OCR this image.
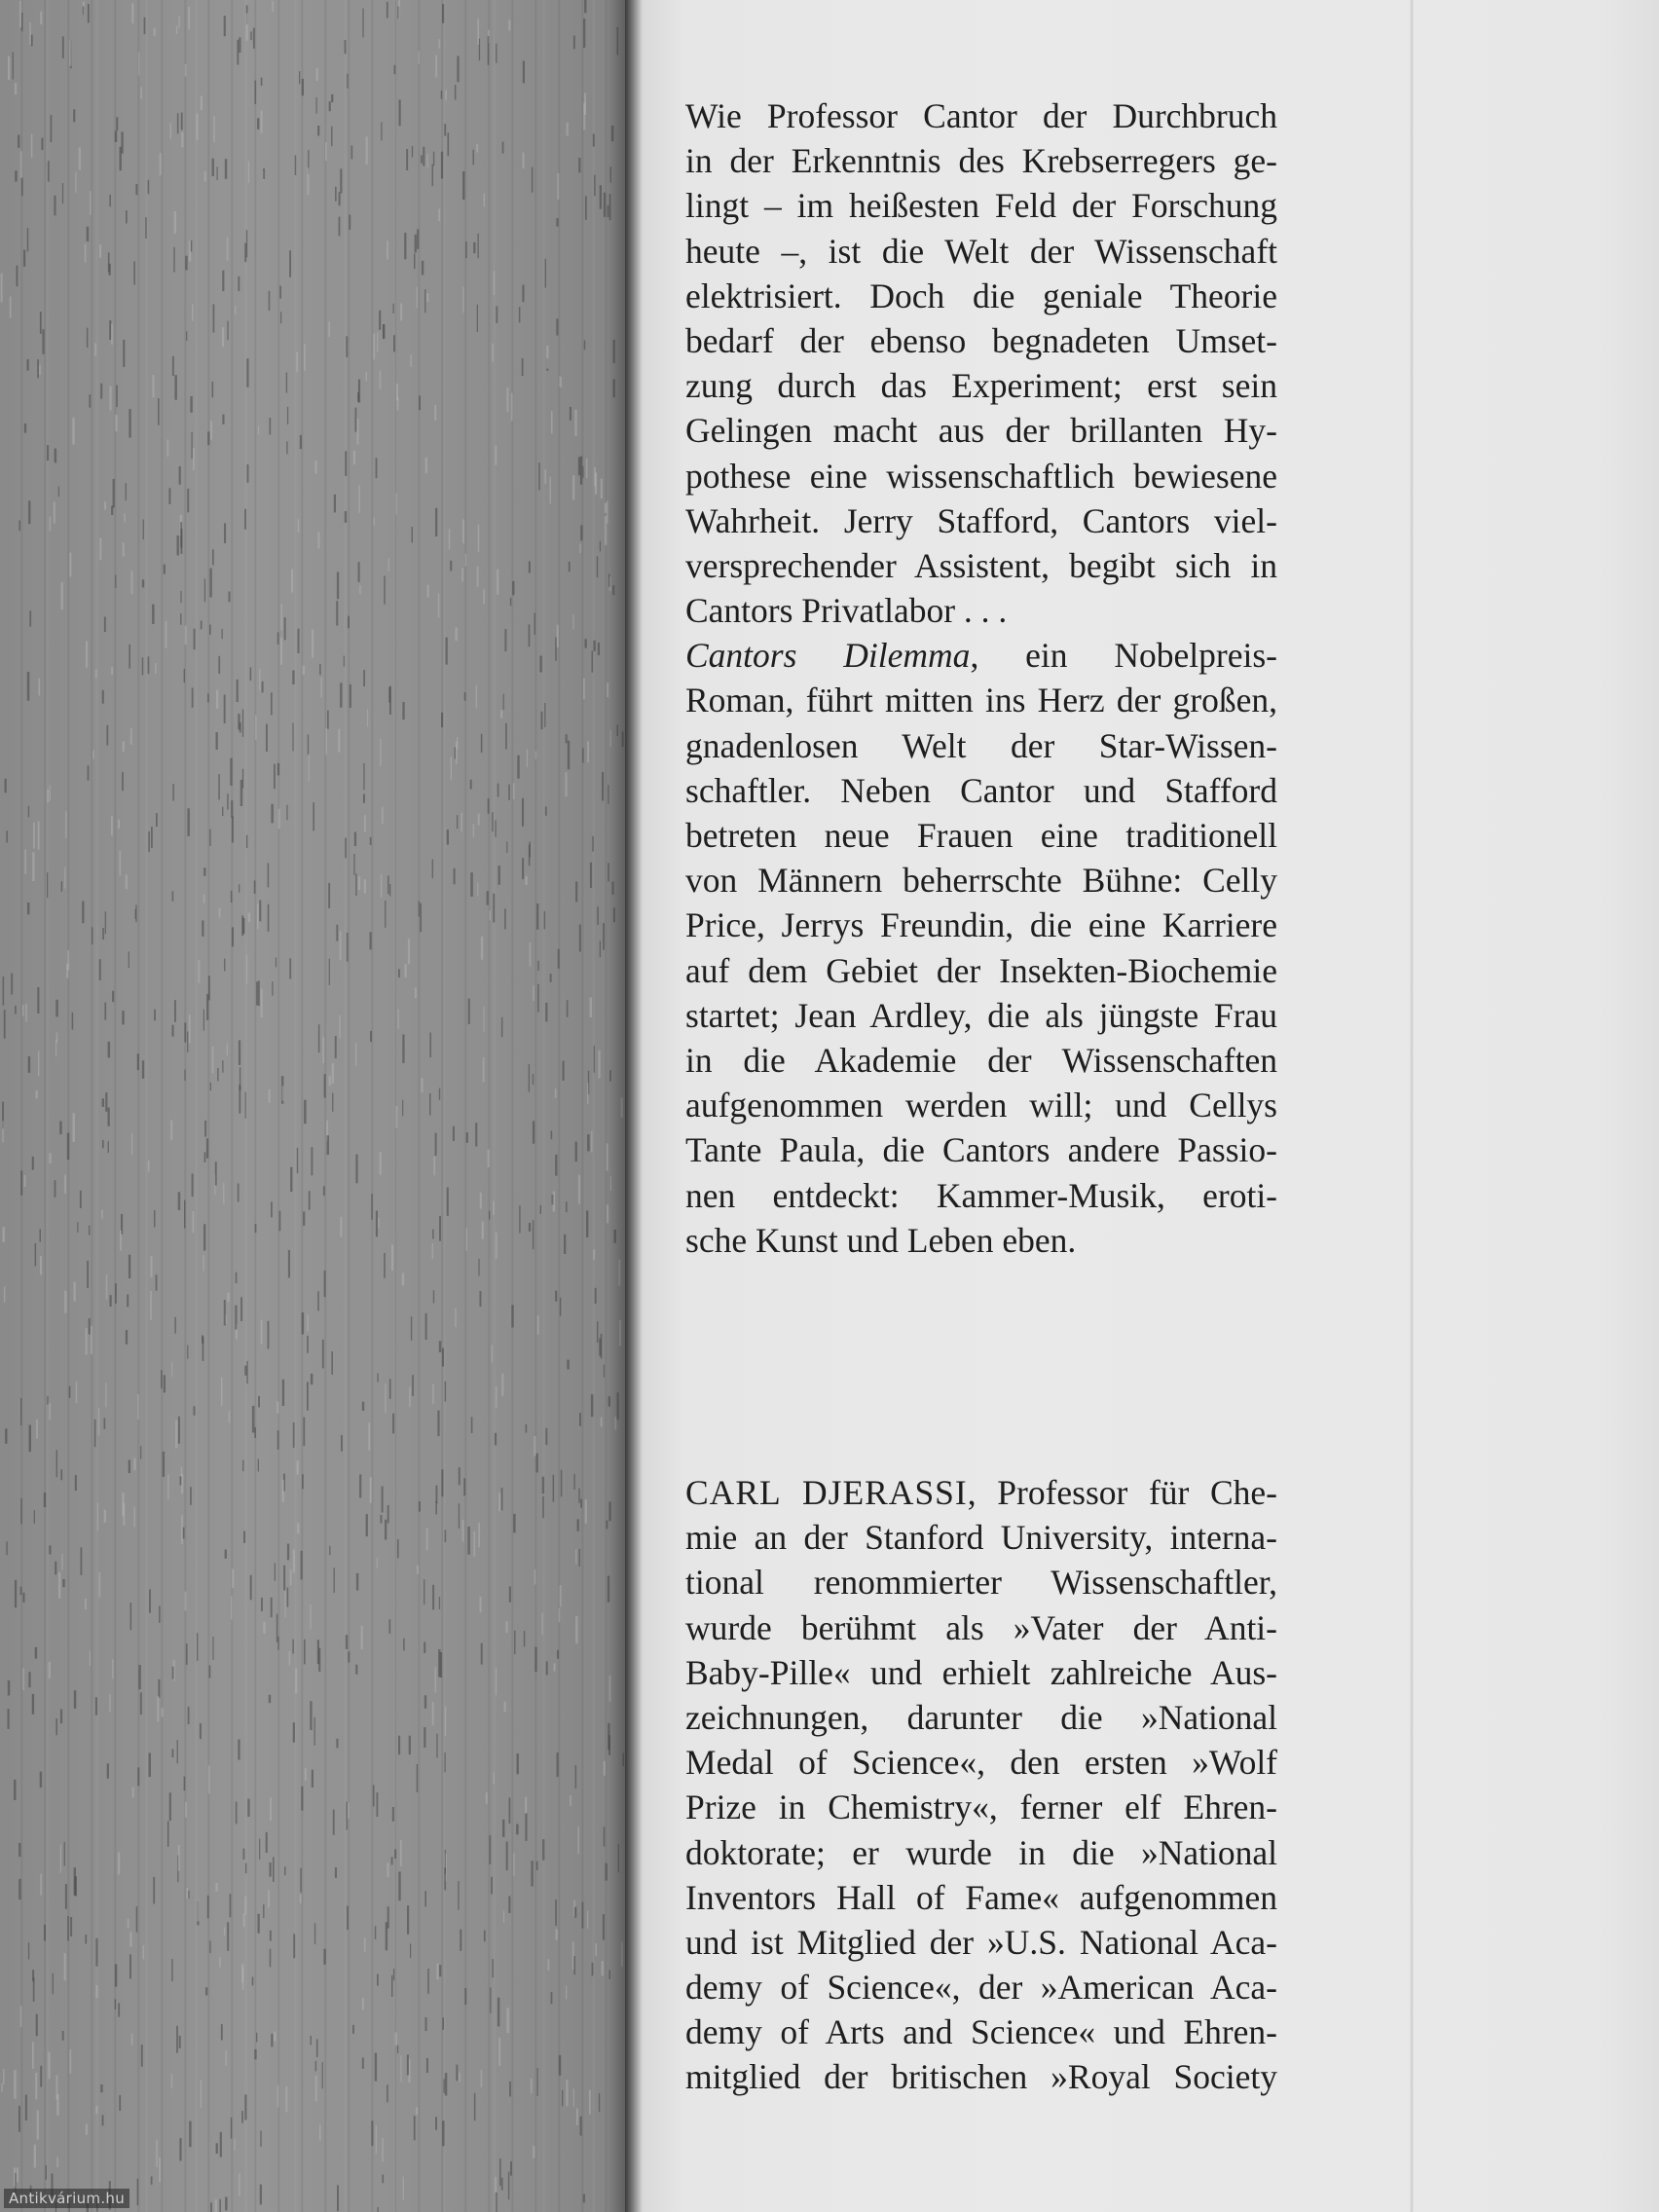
Wie Professor Cantor der Durchbruch
in der Erkenntnis des Krebserregers ge-
lingt – im heißesten Feld der Forschung
heute –, ist die Welt der Wissenschaft
elektrisiert. Doch die geniale Theorie
bedarf der ebenso begnadeten Umset-
zung durch das Experiment; erst sein
Gelingen macht aus der brillanten Hy-
pothese eine wissenschaftlich bewiesene
Wahrheit. Jerry Stafford, Cantors viel-
versprechender Assistent, begibt sich in
Cantors Privatlabor . . .
Cantors Dilemma, ein Nobelpreis-
Roman, führt mitten ins Herz der großen,
gnadenlosen Welt der Star-Wissen-
schaftler. Neben Cantor und Stafford
betreten neue Frauen eine traditionell
von Männern beherrschte Bühne: Celly
Price, Jerrys Freundin, die eine Karriere
auf dem Gebiet der Insekten-Biochemie
startet; Jean Ardley, die als jüngste Frau
in die Akademie der Wissenschaften
aufgenommen werden will; und Cellys
Tante Paula, die Cantors andere Passio-
nen entdeckt: Kammer-Musik, eroti-
sche Kunst und Leben eben.
CARL DJERASSI, Professor für Che-
mie an der Stanford University, interna-
tional renommierter Wissenschaftler,
wurde berühmt als »Vater der Anti-
Baby-Pille« und erhielt zahlreiche Aus-
zeichnungen, darunter die »National
Medal of Science«, den ersten »Wolf
Prize in Chemistry«, ferner elf Ehren-
doktorate; er wurde in die »National
Inventors Hall of Fame« aufgenommen
und ist Mitglied der »U.S. National Aca-
demy of Science«, der »American Aca-
demy of Arts and Science« und Ehren-
mitglied der britischen »Royal Society
Antikvárium.hu
